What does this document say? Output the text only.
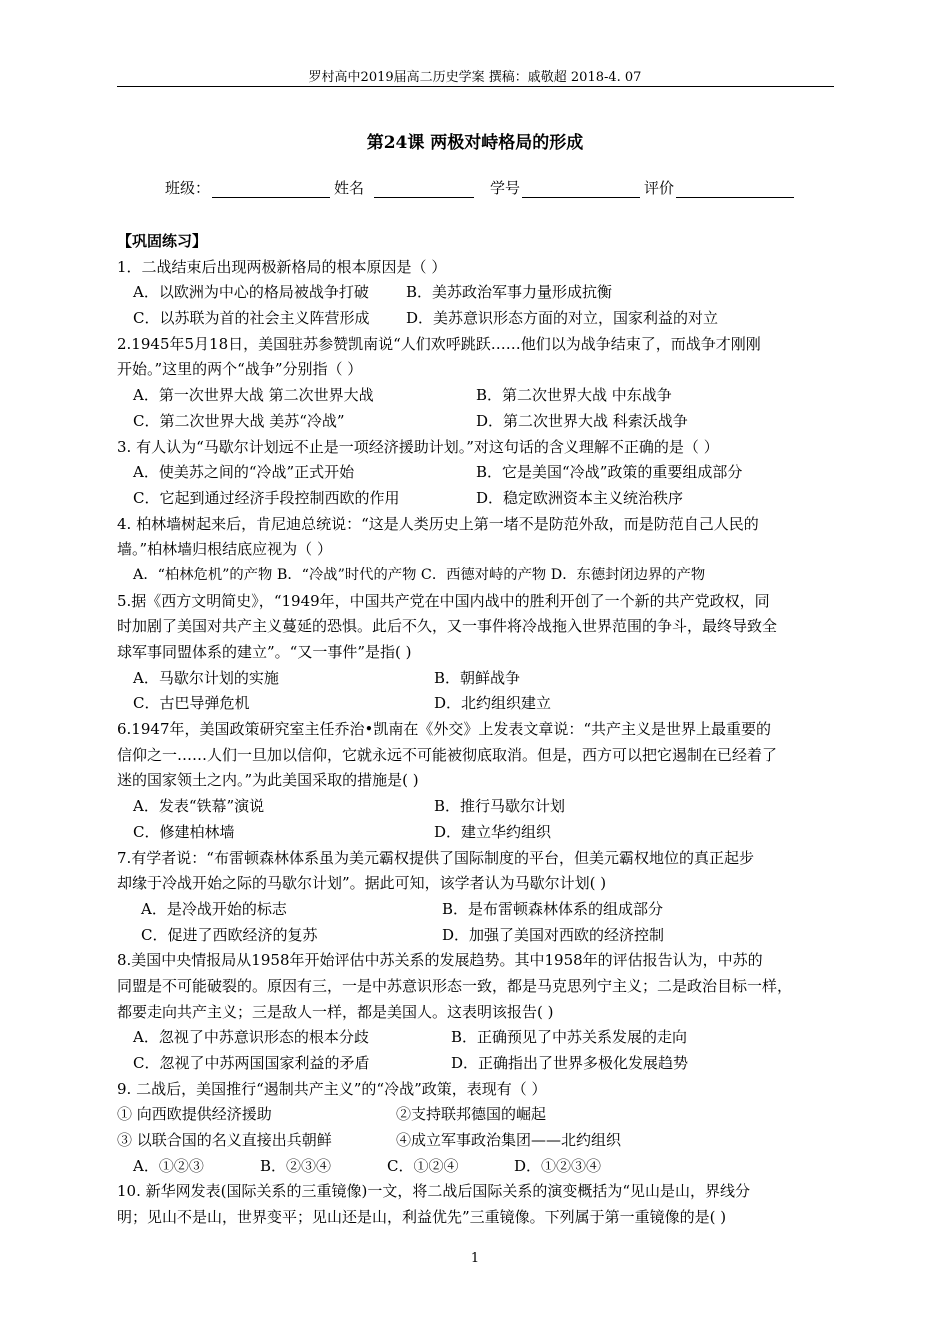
罗村高中2019届高二历史学案 撰稿：戚敬超 2018-4. 07
第24课 两极对峙格局的形成
班级：	姓名	学号	评价
【巩固练习】
1．二战结束后出现两极新格局的根本原因是（ ）
A．以欧洲为中心的格局被战争打破	B．美苏政治军事力量形成抗衡
C．以苏联为首的社会主义阵营形成	D．美苏意识形态方面的对立，国家利益的对立
2.1945年5月18日，美国驻苏参赞凯南说“人们欢呼跳跃……他们以为战争结束了，而战争才刚刚
开始。”这里的两个“战争”分别指（ ）
A．第一次世界大战 第二次世界大战	B．第二次世界大战 中东战争
C．第二次世界大战 美苏“冷战”	D．第二次世界大战 科索沃战争
3. 有人认为“马歇尔计划远不止是一项经济援助计划。”对这句话的含义理解不正确的是（ ）
A．使美苏之间的“冷战”正式开始	B．它是美国“冷战”政策的重要组成部分
C．它起到通过经济手段控制西欧的作用	D．稳定欧洲资本主义统治秩序
4. 柏林墙树起来后，肯尼迪总统说：“这是人类历史上第一堵不是防范外敌，而是防范自己人民的
墙。”柏林墙归根结底应视为（ ）
A．“柏林危机”的产物 B．“冷战”时代的产物 C．西德对峙的产物 D．东德封闭边界的产物
5.据《西方文明简史》，“1949年，中国共产党在中国内战中的胜利开创了一个新的共产党政权，同
时加剧了美国对共产主义蔓延的恐惧。此后不久，又一事件将冷战拖入世界范围的争斗，最终导致全
球军事同盟体系的建立”。“又一事件”是指( )
A．马歇尔计划的实施	B．朝鲜战争
C．古巴导弹危机	D．北约组织建立
6.1947年，美国政策研究室主任乔治•凯南在《外交》上发表文章说：“共产主义是世界上最重要的
信仰之一……人们一旦加以信仰，它就永远不可能被彻底取消。但是，西方可以把它遏制在已经着了
迷的国家领土之内。”为此美国采取的措施是( )
A．发表“铁幕”演说	B．推行马歇尔计划
C．修建柏林墙	D．建立华约组织
7.有学者说：“布雷顿森林体系虽为美元霸权提供了国际制度的平台，但美元霸权地位的真正起步
却缘于冷战开始之际的马歇尔计划”。据此可知，该学者认为马歇尔计划( )
A．是冷战开始的标志	B．是布雷顿森林体系的组成部分
C．促进了西欧经济的复苏	D．加强了美国对西欧的经济控制
8.美国中央情报局从1958年开始评估中苏关系的发展趋势。其中1958年的评估报告认为，中苏的
同盟是不可能破裂的。原因有三，一是中苏意识形态一致，都是马克思列宁主义；二是政治目标一样，
都要走向共产主义；三是敌人一样，都是美国人。这表明该报告( )
A．忽视了中苏意识形态的根本分歧	B．正确预见了中苏关系发展的走向
C．忽视了中苏两国国家利益的矛盾	D．正确指出了世界多极化发展趋势
9. 二战后，美国推行“遏制共产主义”的“冷战”政策，表现有（ ）
① 向西欧提供经济援助	②支持联邦德国的崛起
③ 以联合国的名义直接出兵朝鲜	④成立军事政治集团——北约组织
A．①②③	B．②③④	C．①②④	D．①②③④
10. 新华网发表(国际关系的三重镜像)一文，将二战后国际关系的演变概括为“见山是山，界线分
明；见山不是山，世界变平；见山还是山，利益优先”三重镜像。下列属于第一重镜像的是( )
1
